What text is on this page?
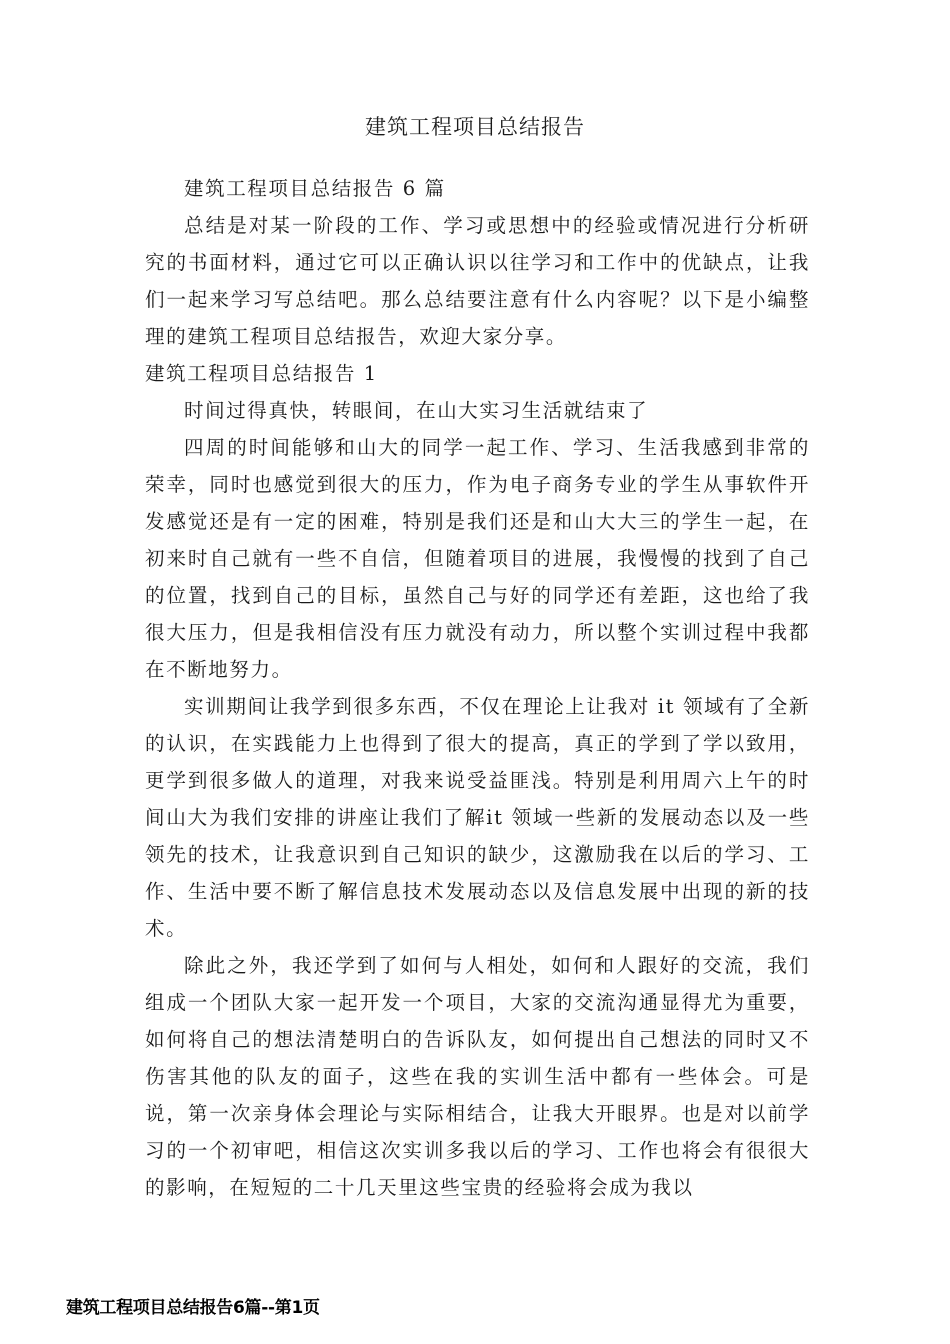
建筑工程项目总结报告

建筑工程项目总结报告 6 篇

总结是对某一阶段的工作、学习或思想中的经验或情况进行分析研究的书面材料，通过它可以正确认识以往学习和工作中的优缺点，让我们一起来学习写总结吧。那么总结要注意有什么内容呢？以下是小编整理的建筑工程项目总结报告，欢迎大家分享。

建筑工程项目总结报告 1

时间过得真快，转眼间，在山大实习生活就结束了

四周的时间能够和山大的同学一起工作、学习、生活我感到非常的荣幸，同时也感觉到很大的压力，作为电子商务专业的学生从事软件开发感觉还是有一定的困难，特别是我们还是和山大大三的学生一起，在初来时自己就有一些不自信，但随着项目的进展，我慢慢的找到了自己的位置，找到自己的目标，虽然自己与好的同学还有差距，这也给了我很大压力，但是我相信没有压力就没有动力，所以整个实训过程中我都在不断地努力。

实训期间让我学到很多东西，不仅在理论上让我对 it 领域有了全新的认识，在实践能力上也得到了很大的提高，真正的学到了学以致用，更学到很多做人的道理，对我来说受益匪浅。特别是利用周六上午的时间山大为我们安排的讲座让我们了解it 领域一些新的发展动态以及一些领先的技术，让我意识到自己知识的缺少，这激励我在以后的学习、工作、生活中要不断了解信息技术发展动态以及信息发展中出现的新的技术。

除此之外，我还学到了如何与人相处，如何和人跟好的交流，我们组成一个团队大家一起开发一个项目，大家的交流沟通显得尤为重要，如何将自己的想法清楚明白的告诉队友，如何提出自己想法的同时又不伤害其他的队友的面子，这些在我的实训生活中都有一些体会。可是说，第一次亲身体会理论与实际相结合，让我大开眼界。也是对以前学习的一个初审吧，相信这次实训多我以后的学习、工作也将会有很很大的影响，在短短的二十几天里这些宝贵的经验将会成为我以

建筑工程项目总结报告6篇--第1页
